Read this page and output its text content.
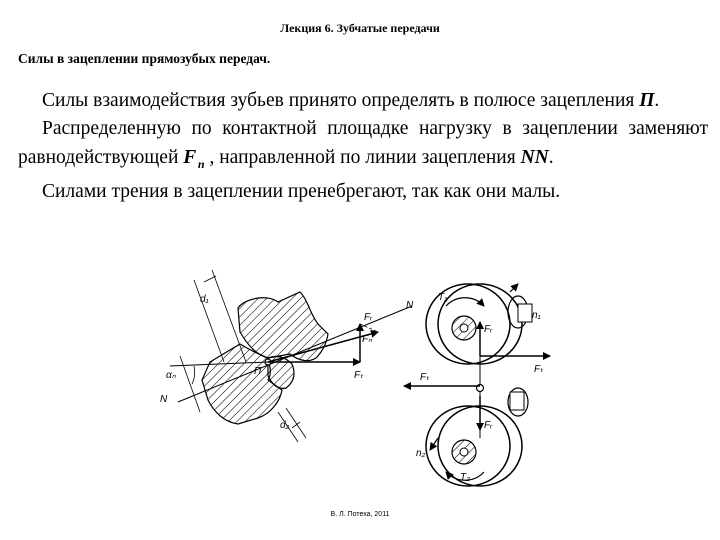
Лекция 6. Зубчатые передачи
Силы в зацеплении прямозубых передач.

Силы взаимодействия зубьев принято определять в полюсе зацепления П.

Распределенную по контактной площадке нагрузку в зацеплении заменяют равнодействующей F  $_n$ , направленной по линии зацепления NN.

Силами трения в зацеплении пренебрегают, так как они малы.

d₁
N
Fₙ
Fᵣ
Fₜ
αₙ
N
П
d₂
T₁
n₁
Fᵣ
Fₜ
Fₜ
Fᵣ
n₂
T₂
В. Л. Потеха, 2011
